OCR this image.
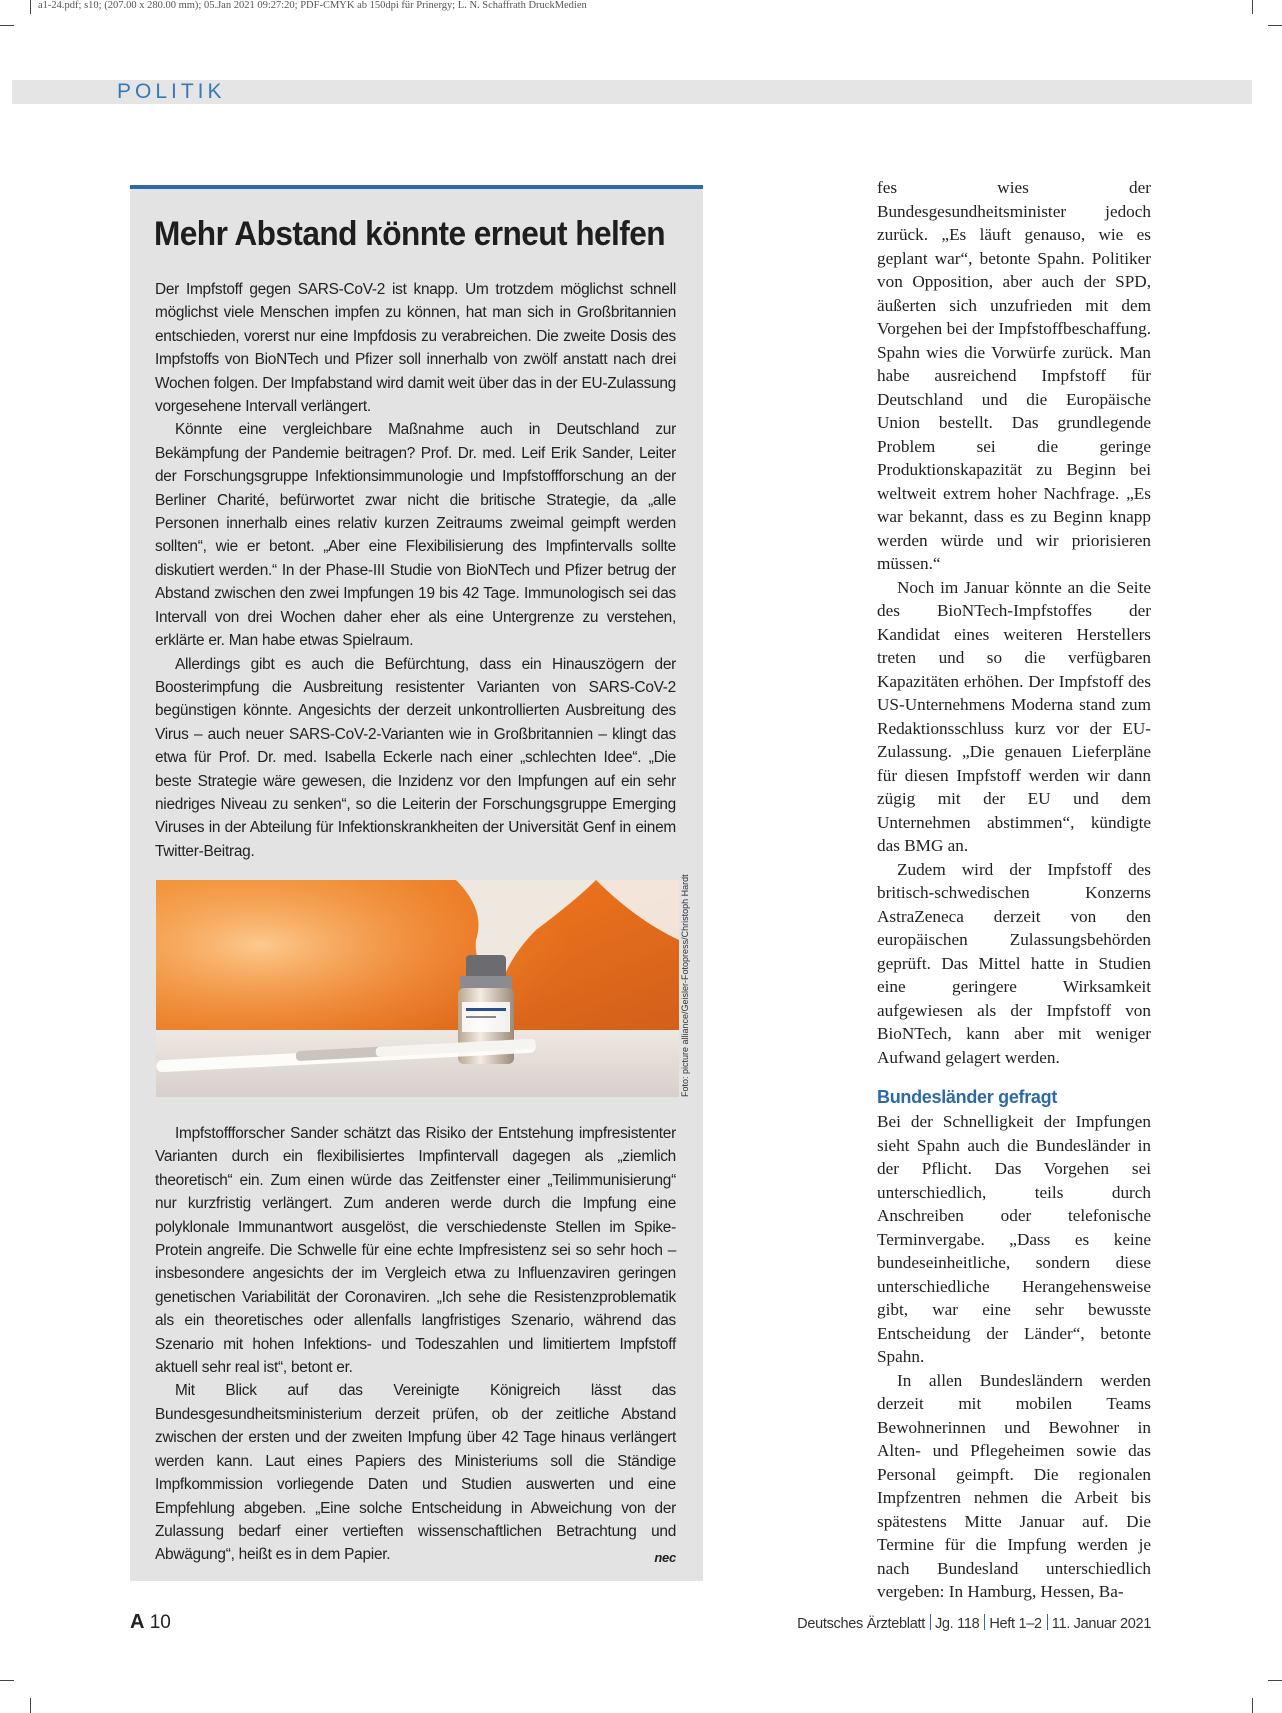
a1-24.pdf; s10; (207.00 x 280.00 mm); 05.Jan 2021 09:27:20; PDF-CMYK ab 150dpi für Prinergy; L. N. Schaffrath DruckMedien
POLITIK
Mehr Abstand könnte erneut helfen

Der Impfstoff gegen SARS-CoV-2 ist knapp. Um trotzdem möglichst schnell möglichst viele Menschen impfen zu können, hat man sich in Großbritannien entschieden, vorerst nur eine Impfdosis zu verabreichen. Die zweite Dosis des Impfstoffs von BioNTech und Pfizer soll innerhalb von zwölf anstatt nach drei Wochen folgen. Der Impfabstand wird damit weit über das in der EU-Zulassung vorgesehene Intervall verlängert.

Könnte eine vergleichbare Maßnahme auch in Deutschland zur Bekämpfung der Pandemie beitragen? Prof. Dr. med. Leif Erik Sander, Leiter der Forschungsgruppe Infektionsimmunologie und Impfstoffforschung an der Berliner Charité, befürwortet zwar nicht die britische Strategie, da „alle Personen innerhalb eines relativ kurzen Zeitraums zweimal geimpft werden sollten“, wie er betont. „Aber eine Flexibilisierung des Impfintervalls sollte diskutiert werden.“ In der Phase-III Studie von BioNTech und Pfizer betrug der Abstand zwischen den zwei Impfungen 19 bis 42 Tage. Immunologisch sei das Intervall von drei Wochen daher eher als eine Untergrenze zu verstehen, erklärte er. Man habe etwas Spielraum.

Allerdings gibt es auch die Befürchtung, dass ein Hinauszögern der Boosterimpfung die Ausbreitung resistenter Varianten von SARS-CoV-2 begünstigen könnte. Angesichts der derzeit unkontrollierten Ausbreitung des Virus – auch neuer SARS-CoV-2-Varianten wie in Großbritannien – klingt das etwa für Prof. Dr. med. Isabella Eckerle nach einer „schlechten Idee“. „Die beste Strategie wäre gewesen, die Inzidenz vor den Impfungen auf ein sehr niedriges Niveau zu senken“, so die Leiterin der Forschungsgruppe Emerging Viruses in der Abteilung für Infektionskrankheiten der Universität Genf in einem Twitter-Beitrag.

Foto: picture alliance/Geisler-Fotopress/Christoph Hardt

Impfstoffforscher Sander schätzt das Risiko der Entstehung impfresistenter Varianten durch ein flexibilisiertes Impfintervall dagegen als „ziemlich theoretisch“ ein. Zum einen würde das Zeitfenster einer „Teilimmunisierung“ nur kurzfristig verlängert. Zum anderen werde durch die Impfung eine polyklonale Immunantwort ausgelöst, die verschiedenste Stellen im Spike-Protein angreife. Die Schwelle für eine echte Impfresistenz sei so sehr hoch – insbesondere angesichts der im Vergleich etwa zu Influenzaviren geringen genetischen Variabilität der Coronaviren. „Ich sehe die Resistenzproblematik als ein theoretisches oder allenfalls langfristiges Szenario, während das Szenario mit hohen Infektions- und Todeszahlen und limitiertem Impfstoff aktuell sehr real ist“, betont er.

Mit Blick auf das Vereinigte Königreich lässt das Bundesgesundheitsministerium derzeit prüfen, ob der zeitliche Abstand zwischen der ersten und der zweiten Impfung über 42 Tage hinaus verlängert werden kann. Laut eines Papiers des Ministeriums soll die Ständige Impfkommission vorliegende Daten und Studien auswerten und eine Empfehlung abgeben. „Eine solche Entscheidung in Abweichung von der Zulassung bedarf einer vertieften wissenschaftlichen Betrachtung und Abwägung“, heißt es in dem Papier.	nec

fes wies der Bundesgesundheitsminister jedoch zurück. „Es läuft genauso, wie es geplant war“, betonte Spahn. Politiker von Opposition, aber auch der SPD, äußerten sich unzufrieden mit dem Vorgehen bei der Impfstoffbeschaffung. Spahn wies die Vorwürfe zurück. Man habe ausreichend Impfstoff für Deutschland und die Europäische Union bestellt. Das grundlegende Problem sei die geringe Produktionskapazität zu Beginn bei weltweit extrem hoher Nachfrage. „Es war bekannt, dass es zu Beginn knapp werden würde und wir priorisieren müssen.“

Noch im Januar könnte an die Seite des BioNTech-Impfstoffes der Kandidat eines weiteren Herstellers treten und so die verfügbaren Kapazitäten erhöhen. Der Impfstoff des US-Unternehmens Moderna stand zum Redaktionsschluss kurz vor der EU-Zulassung. „Die genauen Lieferpläne für diesen Impfstoff werden wir dann zügig mit der EU und dem Unternehmen abstimmen“, kündigte das BMG an.

Zudem wird der Impfstoff des britisch-schwedischen Konzerns AstraZeneca derzeit von den europäischen Zulassungsbehörden geprüft. Das Mittel hatte in Studien eine geringere Wirksamkeit aufgewiesen als der Impfstoff von BioNTech, kann aber mit weniger Aufwand gelagert werden.

Bundesländer gefragt

Bei der Schnelligkeit der Impfungen sieht Spahn auch die Bundesländer in der Pflicht. Das Vorgehen sei unterschiedlich, teils durch Anschreiben oder telefonische Terminvergabe. „Dass es keine bundeseinheitliche, sondern diese unterschiedliche Herangehensweise gibt, war eine sehr bewusste Entscheidung der Länder“, betonte Spahn.

In allen Bundesländern werden derzeit mit mobilen Teams Bewohnerinnen und Bewohner in Alten- und Pflegeheimen sowie das Personal geimpft. Die regionalen Impfzentren nehmen die Arbeit bis spätestens Mitte Januar auf. Die Termine für die Impfung werden je nach Bundesland unterschiedlich vergeben: In Hamburg, Hessen, Ba-

A 10	Deutsches Ärzteblatt Jg. 118 Heft 1–2 11. Januar 2021
